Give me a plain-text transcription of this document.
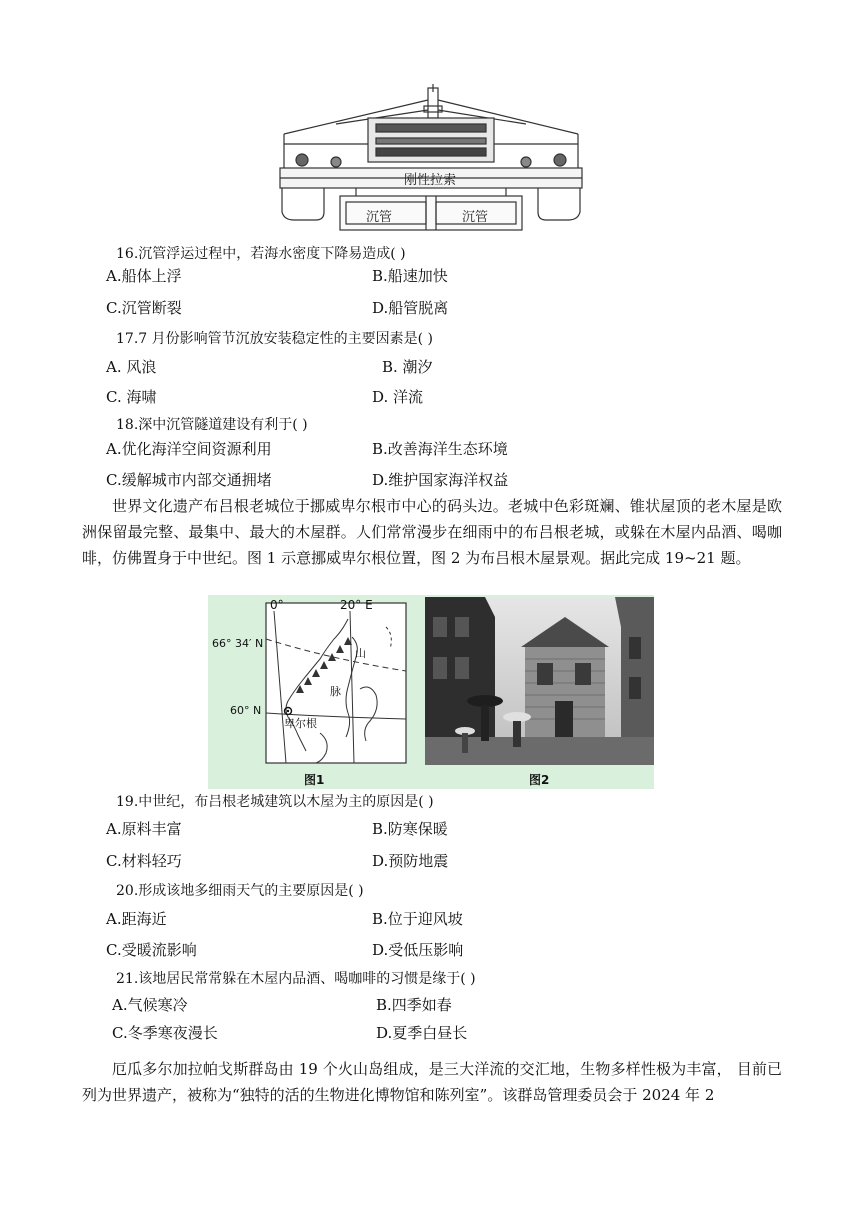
刚性拉索
沉管	沉管
16.沉管浮运过程中，若海水密度下降易造成( )
A.船体上浮	B.船速加快
C.沉管断裂	D.船管脱离
17.7 月份影响管节沉放安装稳定性的主要因素是( )
A. 风浪	B. 潮汐
C. 海啸	D. 洋流
18.深中沉管隧道建设有利于( )
A.优化海洋空间资源利用	B.改善海洋生态环境
C.缓解城市内部交通拥堵	D.维护国家海洋权益
世界文化遗产布吕根老城位于挪威卑尔根市中心的码头边。老城中色彩斑斓、锥状屋顶的老木屋是欧洲保留最完整、最集中、最大的木屋群。人们常常漫步在细雨中的布吕根老城，或躲在木屋内品酒、喝咖啡，仿佛置身于中世纪。图 1 示意挪威卑尔根位置，图 2 为布吕根木屋景观。据此完成 19~21 题。
0°	20° E
66° 34′ N
60° N
山
脉
卑尔根
图1	图2
19.中世纪，布吕根老城建筑以木屋为主的原因是( )
A.原料丰富	B.防寒保暖
C.材料轻巧	D.预防地震
20.形成该地多细雨天气的主要原因是( )
A.距海近	B.位于迎风坡
C.受暖流影响	D.受低压影响
21.该地居民常常躲在木屋内品酒、喝咖啡的习惯是缘于( )
A.气候寒冷	B.四季如春
C.冬季寒夜漫长	D.夏季白昼长
厄瓜多尔加拉帕戈斯群岛由 19 个火山岛组成，是三大洋流的交汇地，生物多样性极为丰富， 目前已列为世界遗产，被称为“独特的活的生物进化博物馆和陈列室”。该群岛管理委员会于 2024 年 2
